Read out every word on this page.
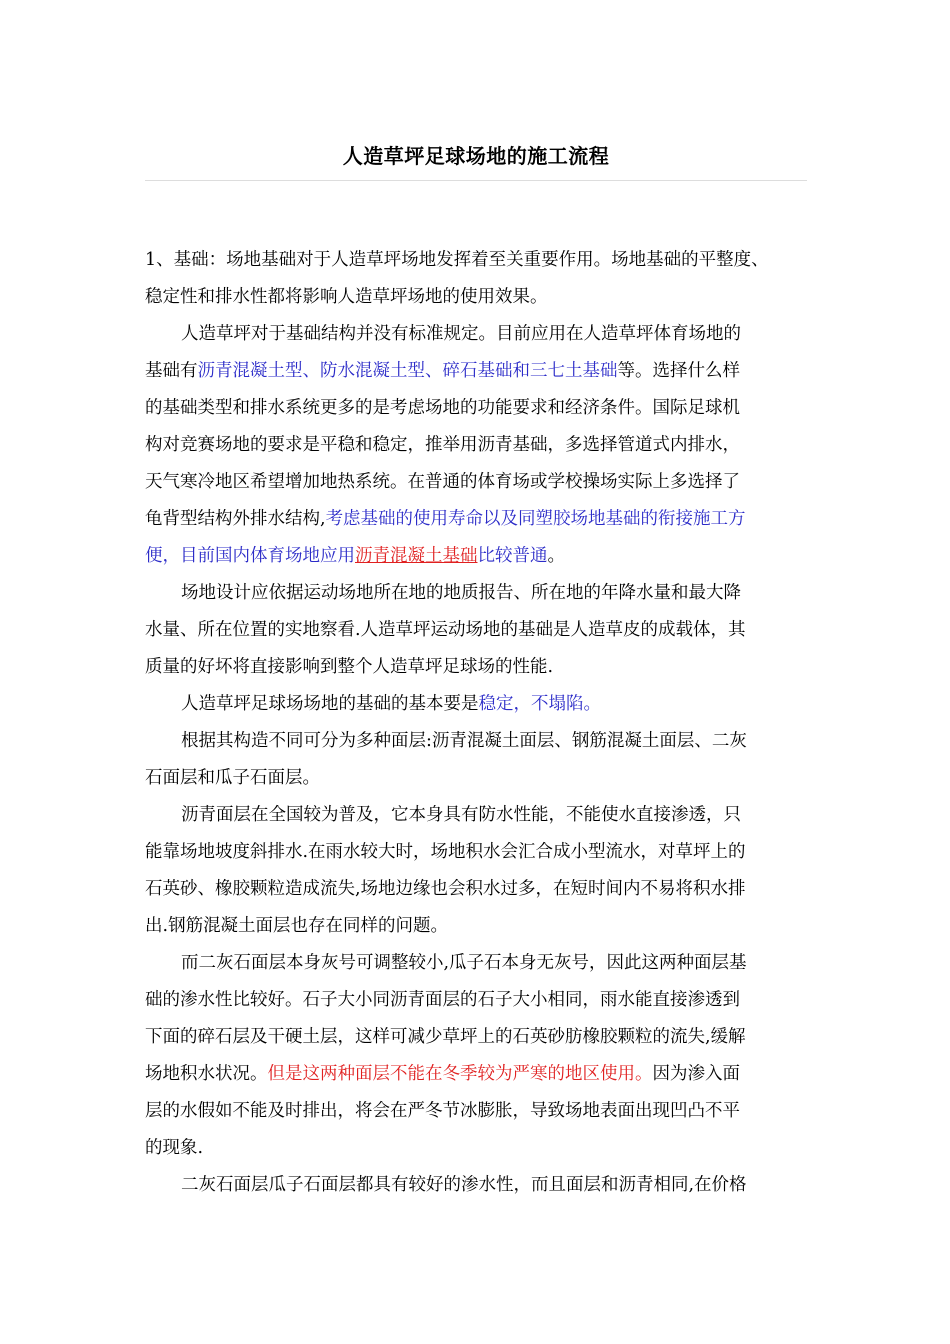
人造草坪足球场地的施工流程

1、基础：场地基础对于人造草坪场地发挥着至关重要作用。场地基础的平整度、

稳定性和排水性都将影响人造草坪场地的使用效果。

人造草坪对于基础结构并没有标准规定。目前应用在人造草坪体育场地的

基础有沥青混凝土型、防水混凝土型、碎石基础和三七土基础等。选择什么样

的基础类型和排水系统更多的是考虑场地的功能要求和经济条件。国际足球机

构对竞赛场地的要求是平稳和稳定，推举用沥青基础，多选择管道式内排水，

天气寒冷地区希望增加地热系统。在普通的体育场或学校操场实际上多选择了

龟背型结构外排水结构,考虑基础的使用寿命以及同塑胶场地基础的衔接施工方

便，目前国内体育场地应用沥青混凝土基础比较普通。

场地设计应依据运动场地所在地的地质报告、所在地的年降水量和最大降

水量、所在位置的实地察看.人造草坪运动场地的基础是人造草皮的成载体，其

质量的好坏将直接影响到整个人造草坪足球场的性能.

人造草坪足球场场地的基础的基本要是稳定，不塌陷。

根据其构造不同可分为多种面层:沥青混凝土面层、钢筋混凝土面层、二灰

石面层和瓜子石面层。

沥青面层在全国较为普及，它本身具有防水性能，不能使水直接渗透，只

能靠场地坡度斜排水.在雨水较大时，场地积水会汇合成小型流水，对草坪上的

石英砂、橡胶颗粒造成流失,场地边缘也会积水过多，在短时间内不易将积水排

出.钢筋混凝土面层也存在同样的问题。

而二灰石面层本身灰号可调整较小,瓜子石本身无灰号，因此这两种面层基

础的渗水性比较好。石子大小同沥青面层的石子大小相同，雨水能直接渗透到

下面的碎石层及干硬土层，这样可减少草坪上的石英砂肪橡胶颗粒的流失,缓解

场地积水状况。但是这两种面层不能在冬季较为严寒的地区使用。因为渗入面

层的水假如不能及时排出，将会在严冬节冰膨胀，导致场地表面出现凹凸不平

的现象.

二灰石面层瓜子石面层都具有较好的渗水性，而且面层和沥青相同,在价格
